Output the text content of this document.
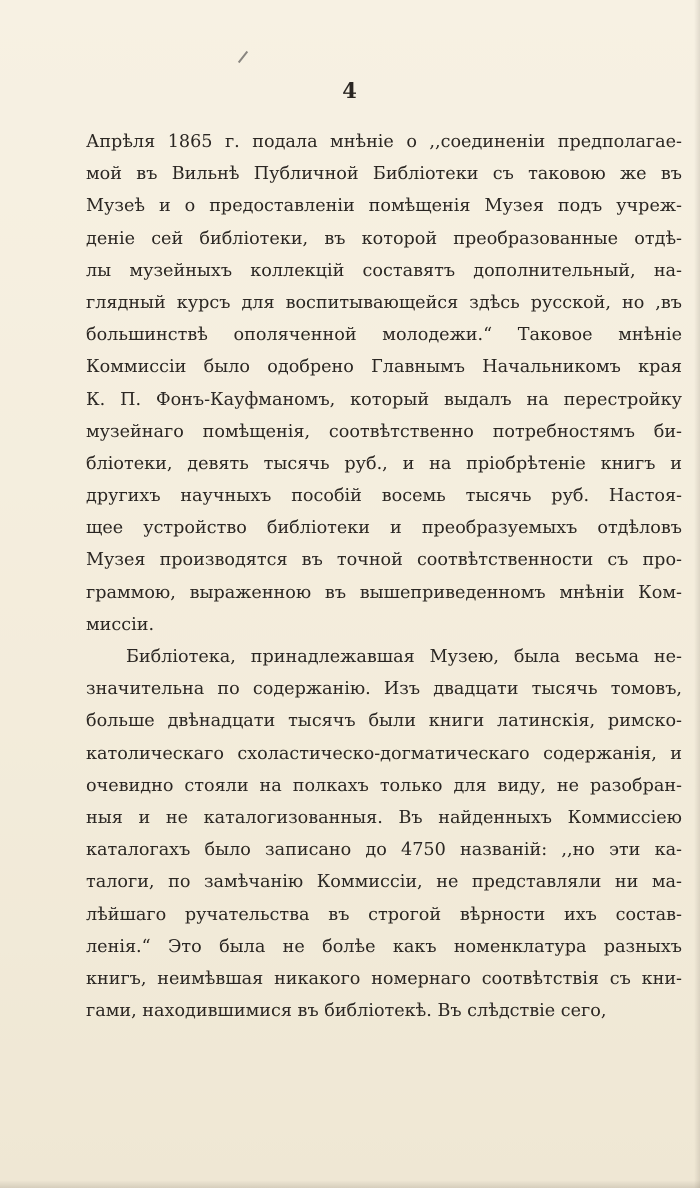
4
Апрѣля 1865 г. подала мнѣніе о ,,соединеніи предполагае-
мой въ Вильнѣ Публичной Библіотеки съ таковою же въ
Музеѣ и о предоставленіи помѣщенія Музея подъ учреж-
деніе сей библіотеки, въ которой преобразованные отдѣ-
лы музейныхъ коллекцій составятъ дополнительный, на-
глядный курсъ для воспитывающейся здѣсь русской, но ,въ
большинствѣ ополяченной молодежи.“ Таковое мнѣніе
Коммиссіи было одобрено Главнымъ Начальникомъ края
К. П. Фонъ-Кауфманомъ, который выдалъ на перестройку
музейнаго помѣщенія, соотвѣтственно потребностямъ би-
бліотеки, девять тысячь руб., и на пріобрѣтеніе книгъ и
другихъ научныхъ пособій восемь тысячь руб. Настоя-
щее устройство библіотеки и преобразуемыхъ отдѣловъ
Музея производятся въ точной соотвѣтственности съ про-
граммою, выраженною въ вышеприведенномъ мнѣніи Ком-
миссіи.
Библіотека, принадлежавшая Музею, была весьма не-
значительна по содержанію. Изъ двадцати тысячь томовъ,
больше двѣнадцати тысячъ были книги латинскія, римско-
католическаго схоластическо-догматическаго содержанія, и
очевидно стояли на полкахъ только для виду, не разобран-
ныя и не каталогизованныя. Въ найденныхъ Коммиссіею
каталогахъ было записано до 4750 названій: ,,но эти ка-
талоги, по замѣчанію Коммиссіи, не представляли ни ма-
лѣйшаго ручательства въ строгой вѣрности ихъ состав-
ленія.“ Это была не болѣе какъ номенклатура разныхъ
книгъ, неимѣвшая никакого номернаго соотвѣтствія съ кни-
гами, находившимися въ библіотекѣ. Въ слѣдствіе сего,
